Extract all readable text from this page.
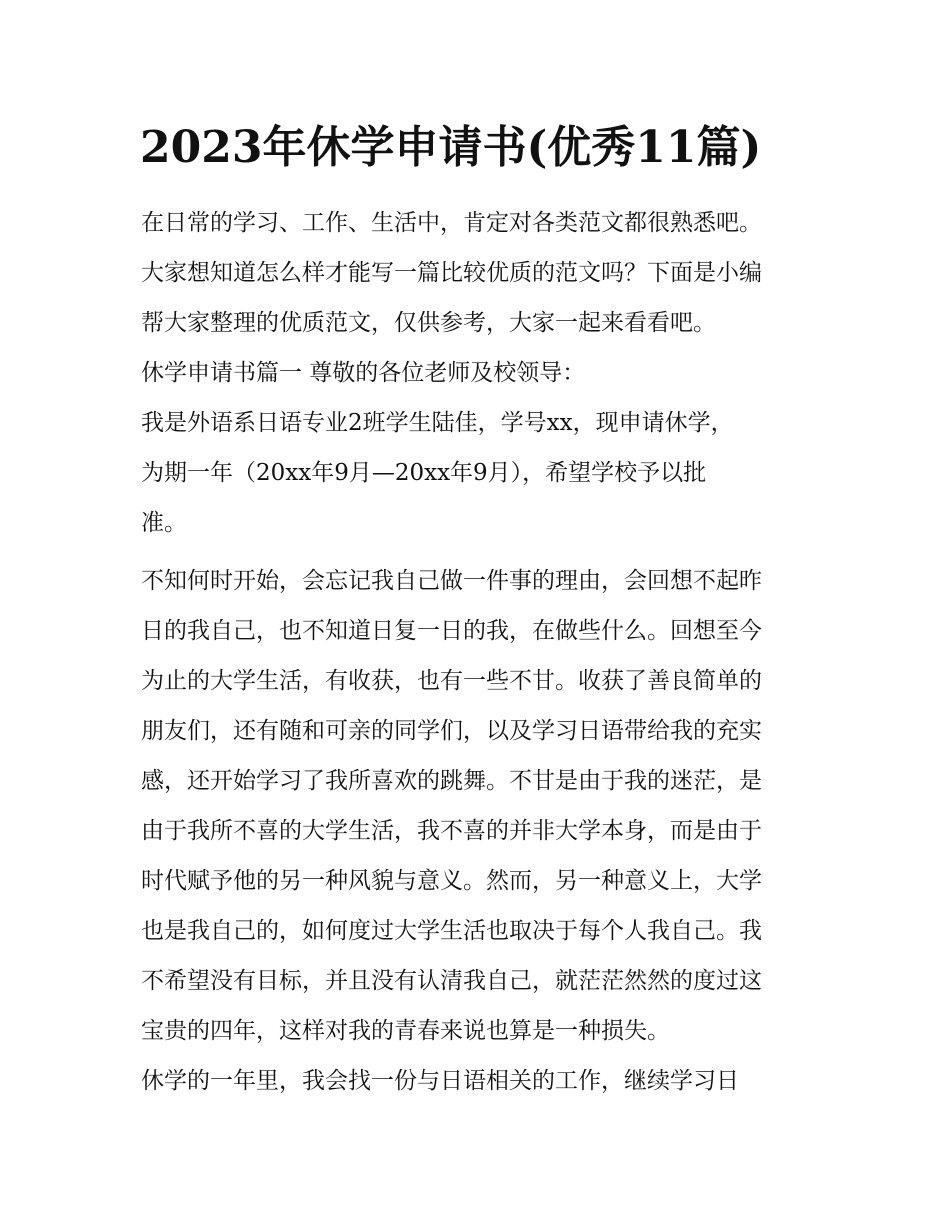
2023年休学申请书(优秀11篇)

在日常的学习、工作、生活中，肯定对各类范文都很熟悉吧。

大家想知道怎么样才能写一篇比较优质的范文吗？下面是小编

帮大家整理的优质范文，仅供参考，大家一起来看看吧。

休学申请书篇一 尊敬的各位老师及校领导：

我是外语系日语专业2班学生陆佳，学号xx，现申请休学，

为期一年（20xx年9月—20xx年9月），希望学校予以批

准。

不知何时开始，会忘记我自己做一件事的理由，会回想不起昨

日的我自己，也不知道日复一日的我，在做些什么。回想至今

为止的大学生活，有收获，也有一些不甘。收获了善良简单的

朋友们，还有随和可亲的同学们，以及学习日语带给我的充实

感，还开始学习了我所喜欢的跳舞。不甘是由于我的迷茫，是

由于我所不喜的大学生活，我不喜的并非大学本身，而是由于

时代赋予他的另一种风貌与意义。然而，另一种意义上，大学

也是我自己的，如何度过大学生活也取决于每个人我自己。我

不希望没有目标，并且没有认清我自己，就茫茫然然的度过这

宝贵的四年，这样对我的青春来说也算是一种损失。

休学的一年里，我会找一份与日语相关的工作，继续学习日
